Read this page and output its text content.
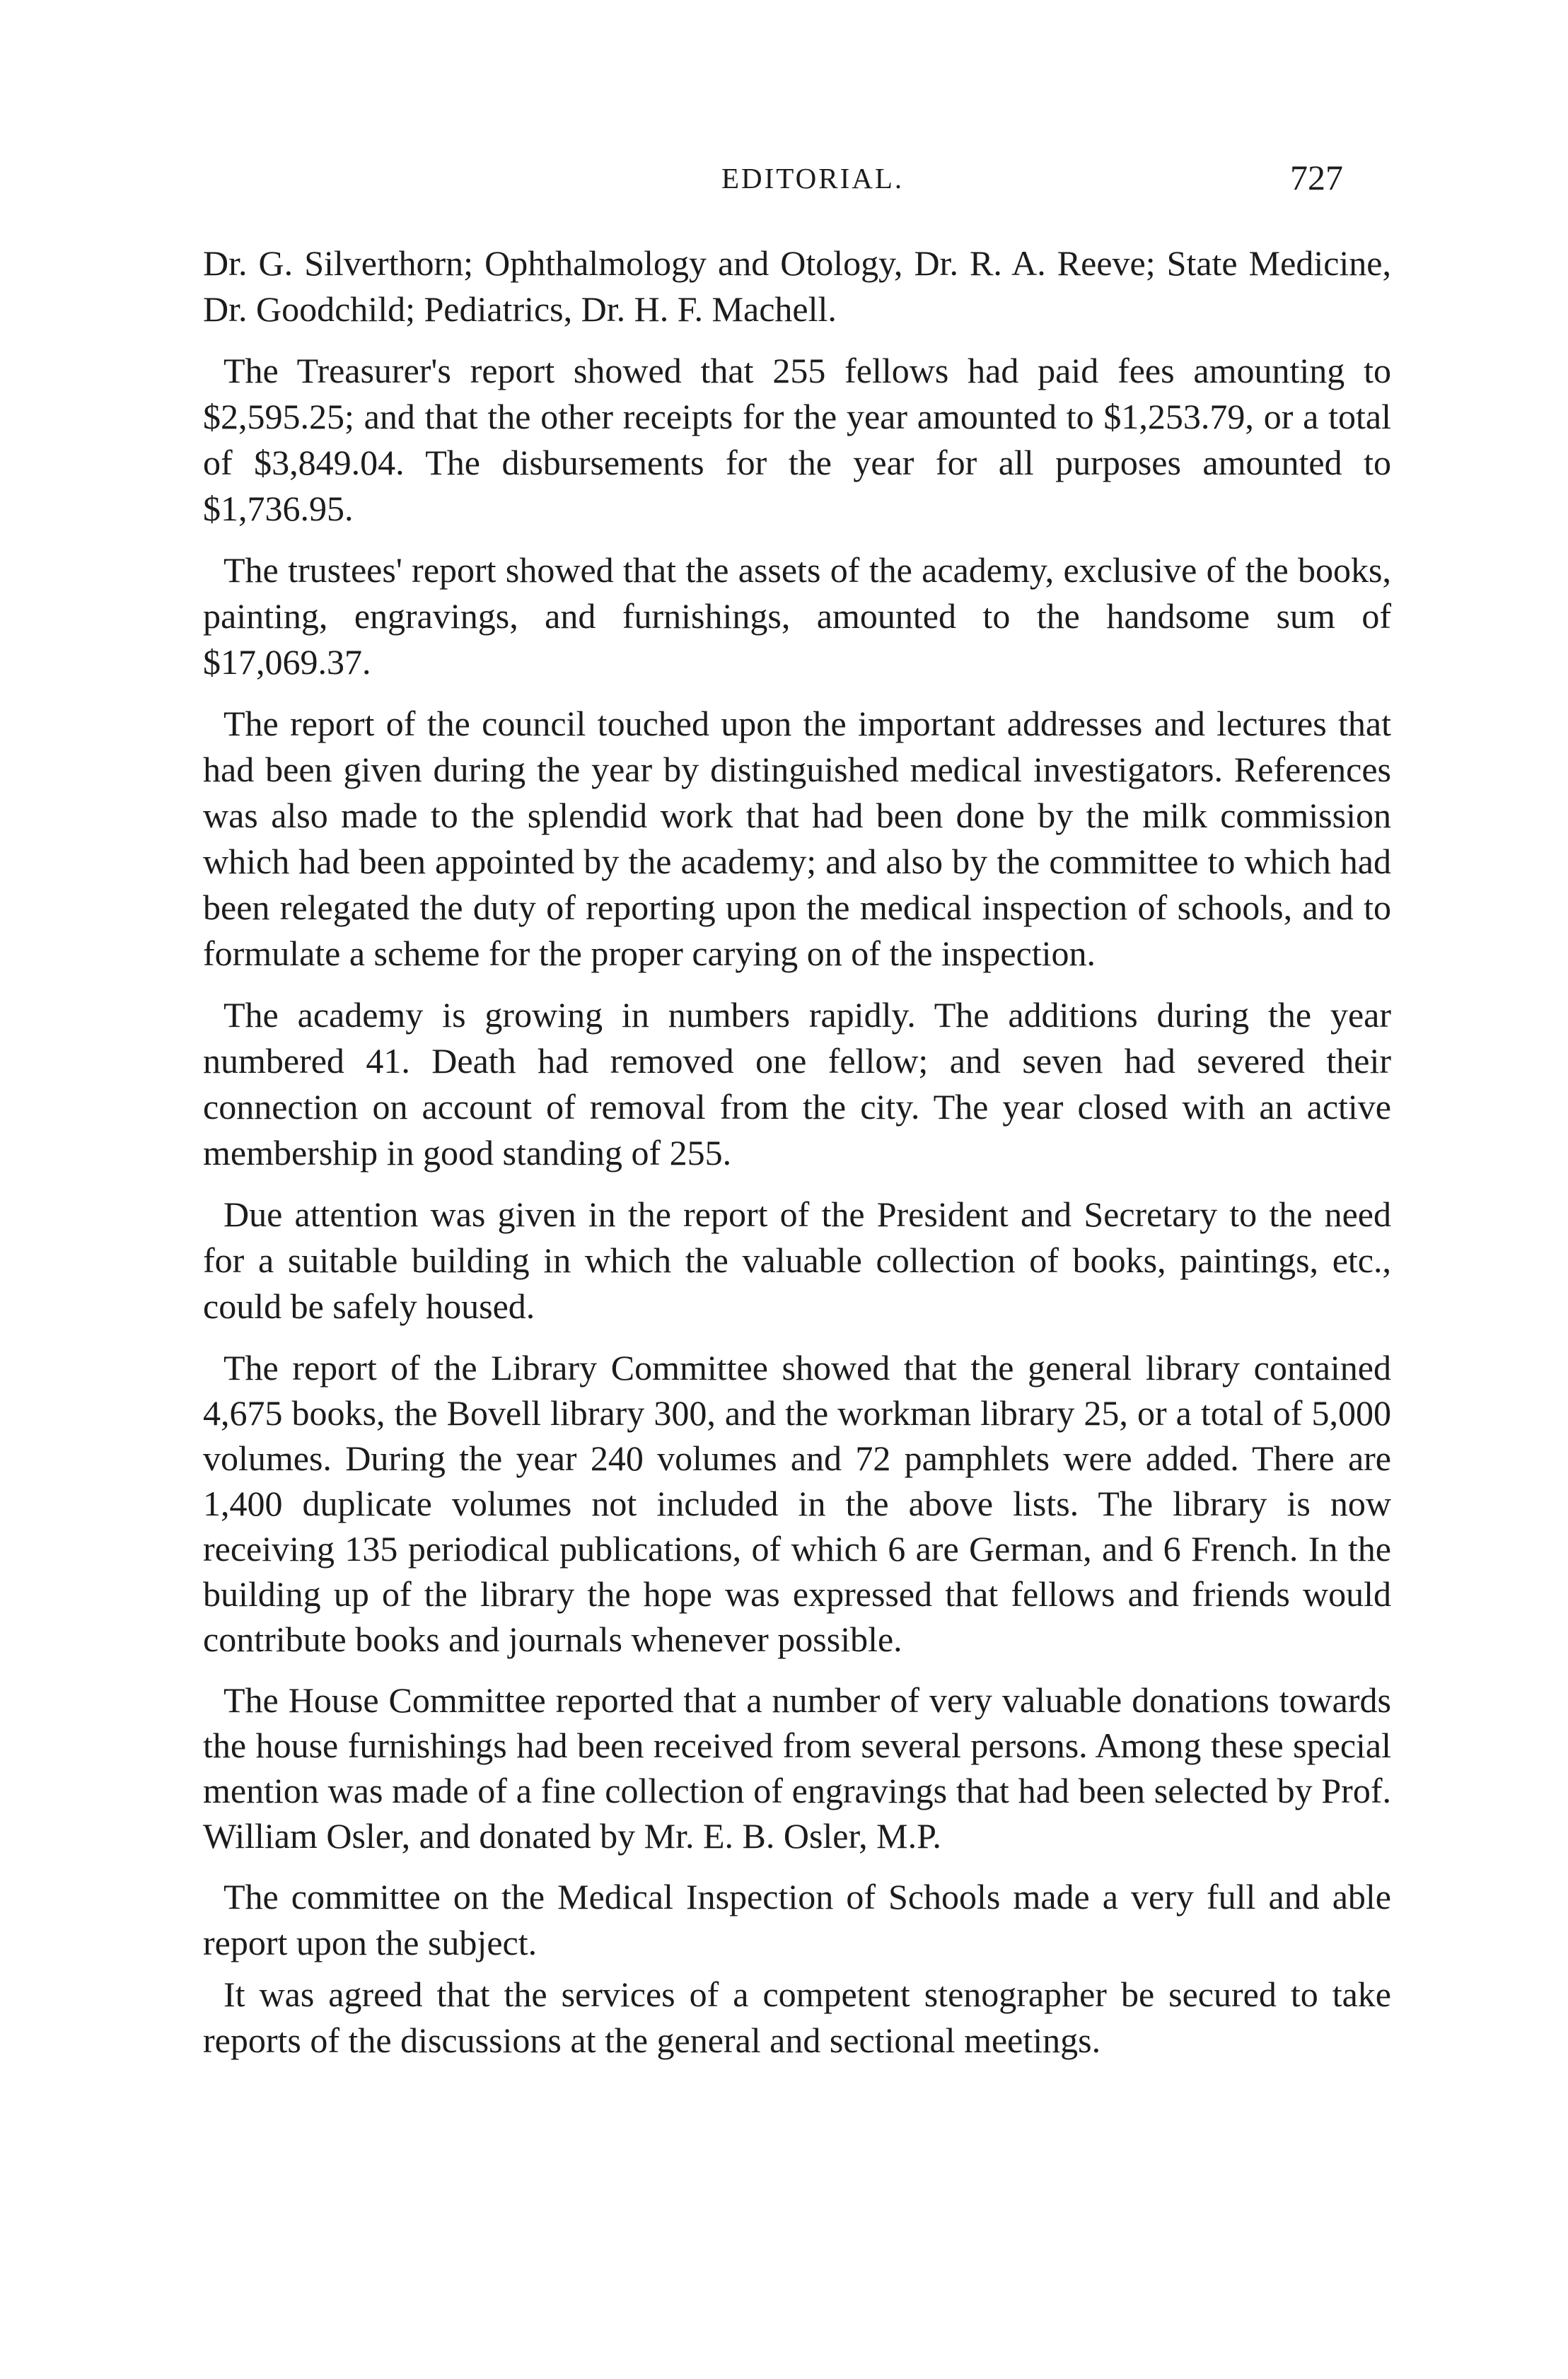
EDITORIAL.	727

Dr. G. Silverthorn; Ophthalmology and Otology, Dr. R. A. Reeve; State Medicine, Dr. Goodchild; Pediatrics, Dr. H. F. Machell.

The Treasurer's report showed that 255 fellows had paid fees amounting to $2,595.25; and that the other receipts for the year amounted to $1,253.79, or a total of $3,849.04. The disbursements for the year for all purposes amounted to $1,736.95.

The trustees' report showed that the assets of the academy, exclusive of the books, painting, engravings, and furnishings, amounted to the handsome sum of $17,069.37.

The report of the council touched upon the important addresses and lectures that had been given during the year by distinguished medical investigators. References was also made to the splendid work that had been done by the milk commission which had been appointed by the academy; and also by the committee to which had been relegated the duty of reporting upon the medical inspection of schools, and to formulate a scheme for the proper carying on of the inspection.

The academy is growing in numbers rapidly. The additions during the year numbered 41. Death had removed one fellow; and seven had severed their connection on account of removal from the city. The year closed with an active membership in good standing of 255.

Due attention was given in the report of the President and Secretary to the need for a suitable building in which the valuable collection of books, paintings, etc., could be safely housed.

The report of the Library Committee showed that the general library contained 4,675 books, the Bovell library 300, and the workman library 25, or a total of 5,000 volumes. During the year 240 volumes and 72 pamphlets were added. There are 1,400 duplicate volumes not included in the above lists. The library is now receiving 135 periodical publications, of which 6 are German, and 6 French. In the building up of the library the hope was expressed that fellows and friends would contribute books and journals whenever possible.

The House Committee reported that a number of very valuable donations towards the house furnishings had been received from several persons. Among these special mention was made of a fine collection of engravings that had been selected by Prof. William Osler, and donated by Mr. E. B. Osler, M.P.

The committee on the Medical Inspection of Schools made a very full and able report upon the subject.

It was agreed that the services of a competent stenographer be secured to take reports of the discussions at the general and sectional meetings.
